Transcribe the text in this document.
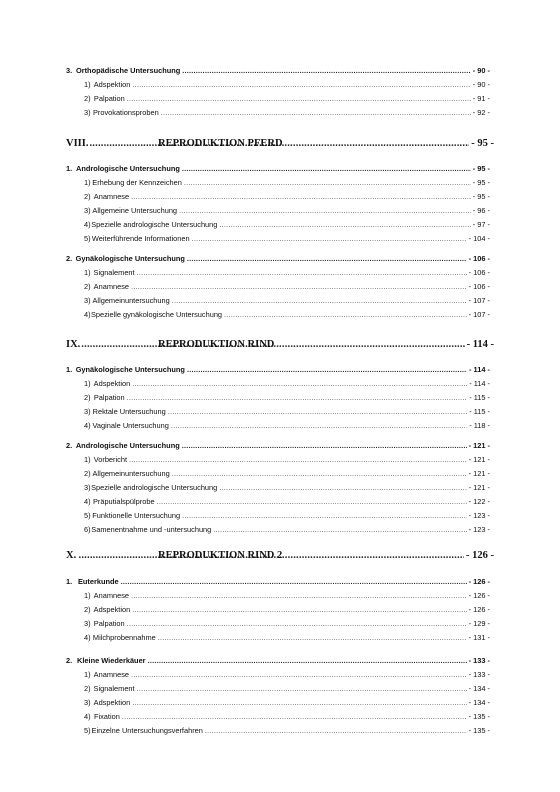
3. Orthopädische Untersuchung .....	- 90 -
1) Adspektion .....	- 90 -
2) Palpation .....	- 91 -
3) Provokationsproben .....	- 92 -
VIII.	REPRODUKTION PFERD .....	- 95 -
1. Andrologische Untersuchung .....	- 95 -
1) Erhebung der Kennzeichen .....	- 95 -
2) Anamnese .....	- 95 -
3) Allgemeine Untersuchung .....	- 96 -
4) Spezielle andrologische Untersuchung .....	- 97 -
5) Weiterführende Informationen .....	- 104 -
2. Gynäkologische Untersuchung .....	- 106 -
1) Signalement .....	- 106 -
2) Anamnese .....	- 106 -
3) Allgemeinuntersuchung .....	- 107 -
4) Spezielle gynäkologische Untersuchung .....	- 107 -
IX.	REPRODUKTION RIND .....	- 114 -
1. Gynäkologische Untersuchung .....	- 114 -
1) Adspektion .....	- 114 -
2) Palpation .....	- 115 -
3) Rektale Untersuchung .....	- 115 -
4) Vaginale Untersuchung .....	- 118 -
2. Andrologische Untersuchung .....	- 121 -
1) Vorbericht .....	- 121 -
2) Allgemeinuntersuchung .....	- 121 -
3) Spezielle andrologische Untersuchung .....	- 121 -
4) Präputialspülprobe .....	- 122 -
5) Funktionelle Untersuchung .....	- 123 -
6) Samenentnahme und -untersuchung .....	- 123 -
X.	REPRODUKTION RIND 2 .....	- 126 -
1. Euterkunde .....	- 126 -
1) Anamnese .....	- 126 -
2) Adspektion .....	- 126 -
3) Palpation .....	- 129 -
4) Milchprobennahme .....	- 131 -
2. Kleine Wiederkäuer .....	- 133 -
1) Anamnese .....	- 133 -
2) Signalement .....	- 134 -
3) Adspektion .....	- 134 -
4) Fixation .....	- 135 -
5) Einzelne Untersuchungsverfahren .....	- 135 -
